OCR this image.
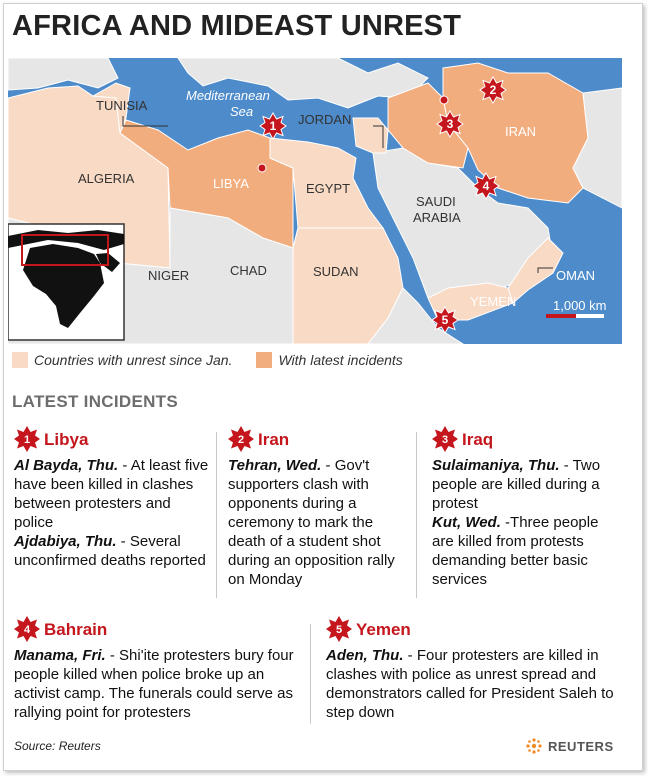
AFRICA AND MIDEAST UNREST
TUNISIA
Mediterranean
Sea
JORDAN
ALGERIA	LIBYA	EGYPT
IRAN
SAUDI
ARABIA
NIGER	CHAD	SUDAN
YEMEN
OMAN
1,000 km
1
2
3
4
5
Countries with unrest since Jan.	With latest incidents
LATEST INCIDENTS
1 Libya
Al Bayda, Thu. - At least five have been killed in clashes between protesters and police
Ajdabiya, Thu. - Several unconfirmed deaths reported
2 Iran
Tehran, Wed. - Gov't supporters clash with opponents during a ceremony to mark the death of a student shot during an opposition rally on Monday
3 Iraq
Sulaimaniya, Thu. - Two people are killed during a protest
Kut, Wed. -Three people are killed from protests demanding better basic services
4 Bahrain
Manama, Fri. - Shi'ite protesters bury four people killed when police broke up an activist camp. The funerals could serve as rallying point for protesters
5 Yemen
Aden, Thu. - Four protesters are killed in clashes with police as unrest spread and demonstrators called for President Saleh to step down
Source: Reuters	REUTERS
